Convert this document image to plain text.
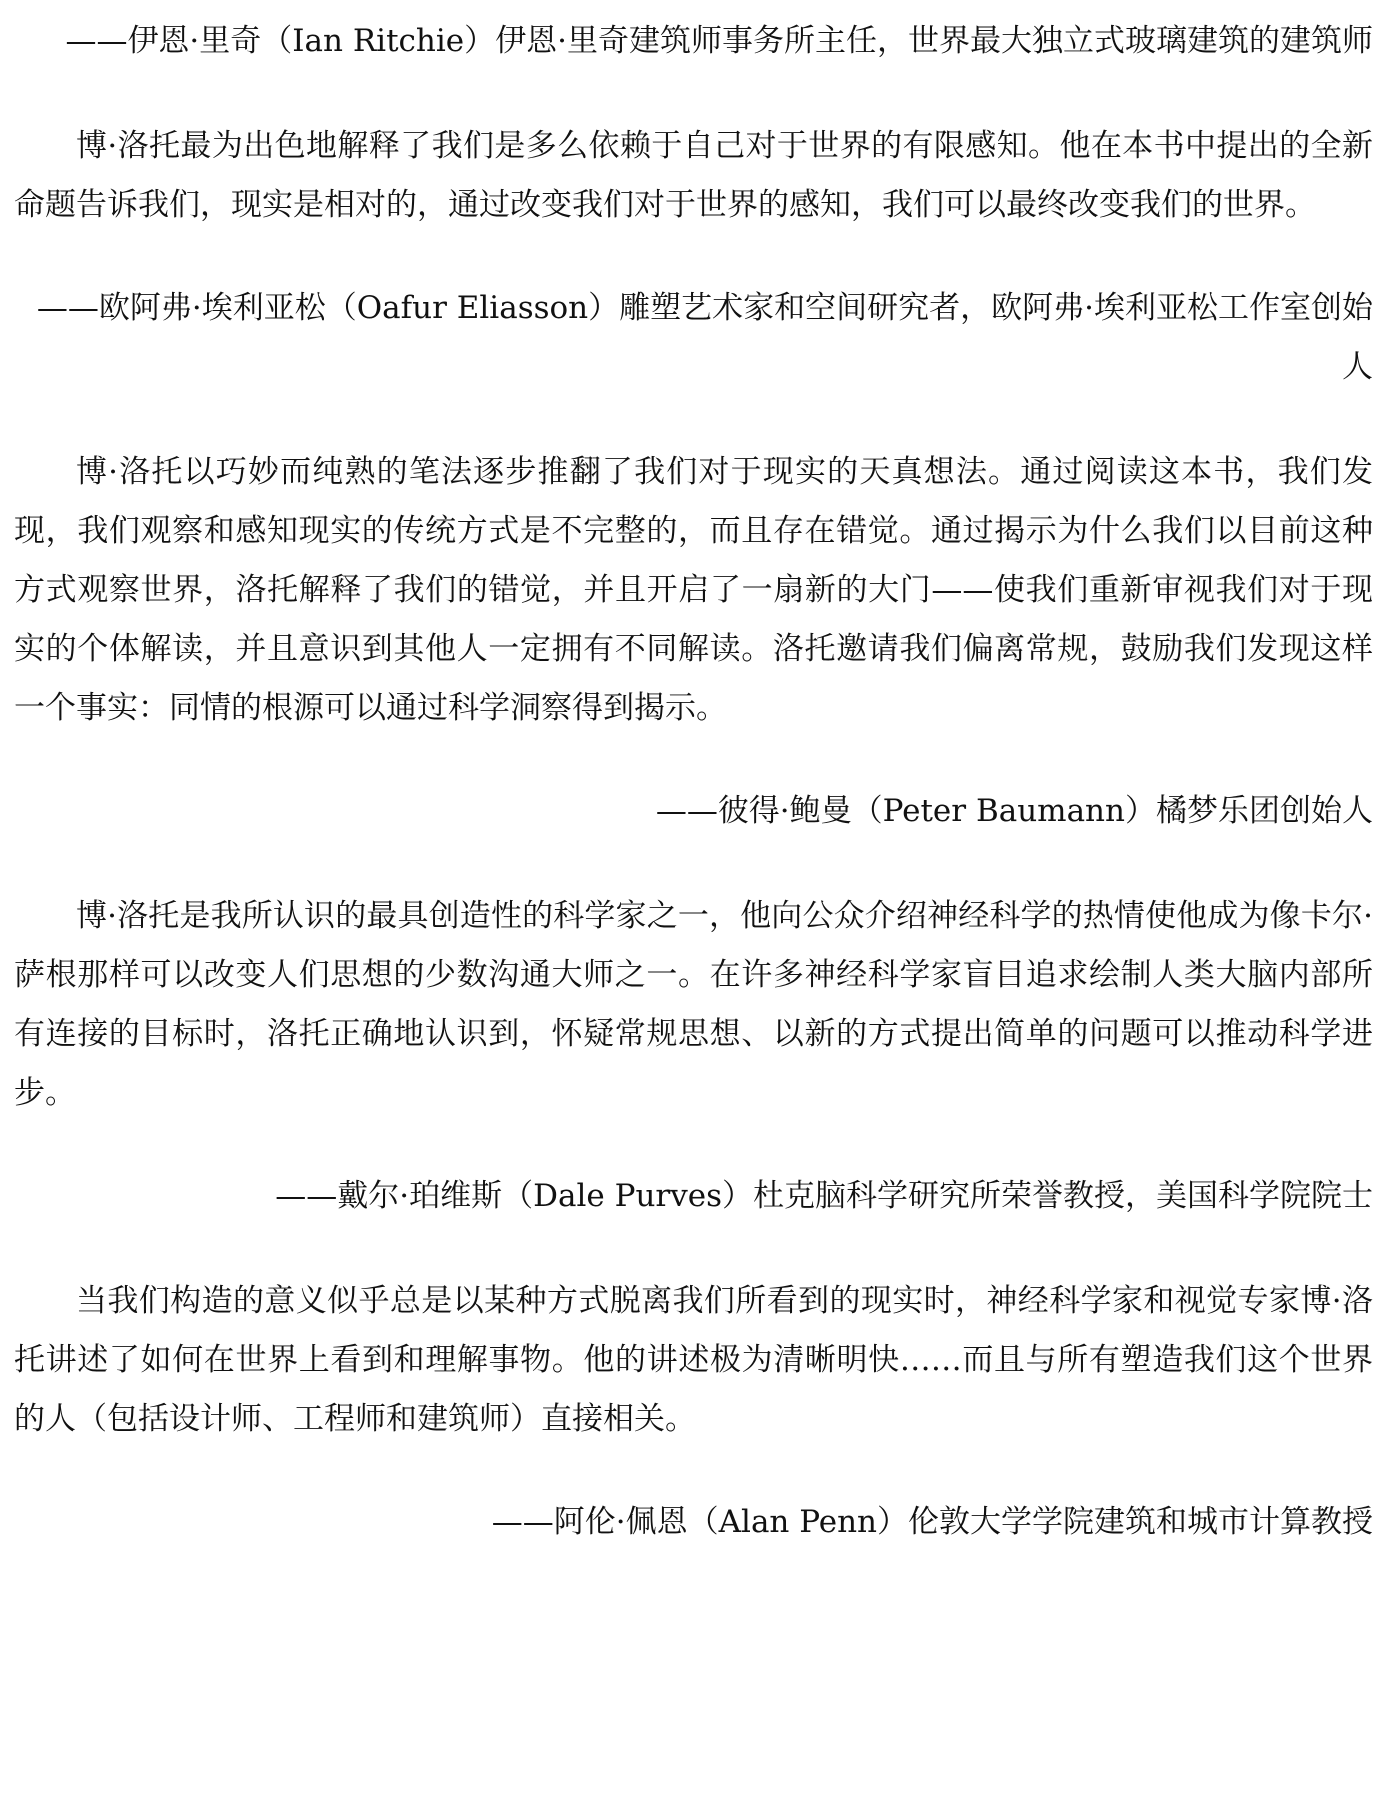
——伊恩·里奇（Ian Ritchie）伊恩·里奇建筑师事务所主任，世界最大独立式玻璃建筑的建筑师

博·洛托最为出色地解释了我们是多么依赖于自己对于世界的有限感知。他在本书中提出的全新命题告诉我们，现实是相对的，通过改变我们对于世界的感知，我们可以最终改变我们的世界。

——欧阿弗·埃利亚松（Oafur Eliasson）雕塑艺术家和空间研究者，欧阿弗·埃利亚松工作室创始人

博·洛托以巧妙而纯熟的笔法逐步推翻了我们对于现实的天真想法。通过阅读这本书，我们发现，我们观察和感知现实的传统方式是不完整的，而且存在错觉。通过揭示为什么我们以目前这种方式观察世界，洛托解释了我们的错觉，并且开启了一扇新的大门——使我们重新审视我们对于现实的个体解读，并且意识到其他人一定拥有不同解读。洛托邀请我们偏离常规，鼓励我们发现这样一个事实：同情的根源可以通过科学洞察得到揭示。

——彼得·鲍曼（Peter Baumann）橘梦乐团创始人

博·洛托是我所认识的最具创造性的科学家之一，他向公众介绍神经科学的热情使他成为像卡尔·萨根那样可以改变人们思想的少数沟通大师之一。在许多神经科学家盲目追求绘制人类大脑内部所有连接的目标时，洛托正确地认识到，怀疑常规思想、以新的方式提出简单的问题可以推动科学进步。

——戴尔·珀维斯（Dale Purves）杜克脑科学研究所荣誉教授，美国科学院院士

当我们构造的意义似乎总是以某种方式脱离我们所看到的现实时，神经科学家和视觉专家博·洛托讲述了如何在世界上看到和理解事物。他的讲述极为清晰明快……而且与所有塑造我们这个世界的人（包括设计师、工程师和建筑师）直接相关。

——阿伦·佩恩（Alan Penn）伦敦大学学院建筑和城市计算教授
